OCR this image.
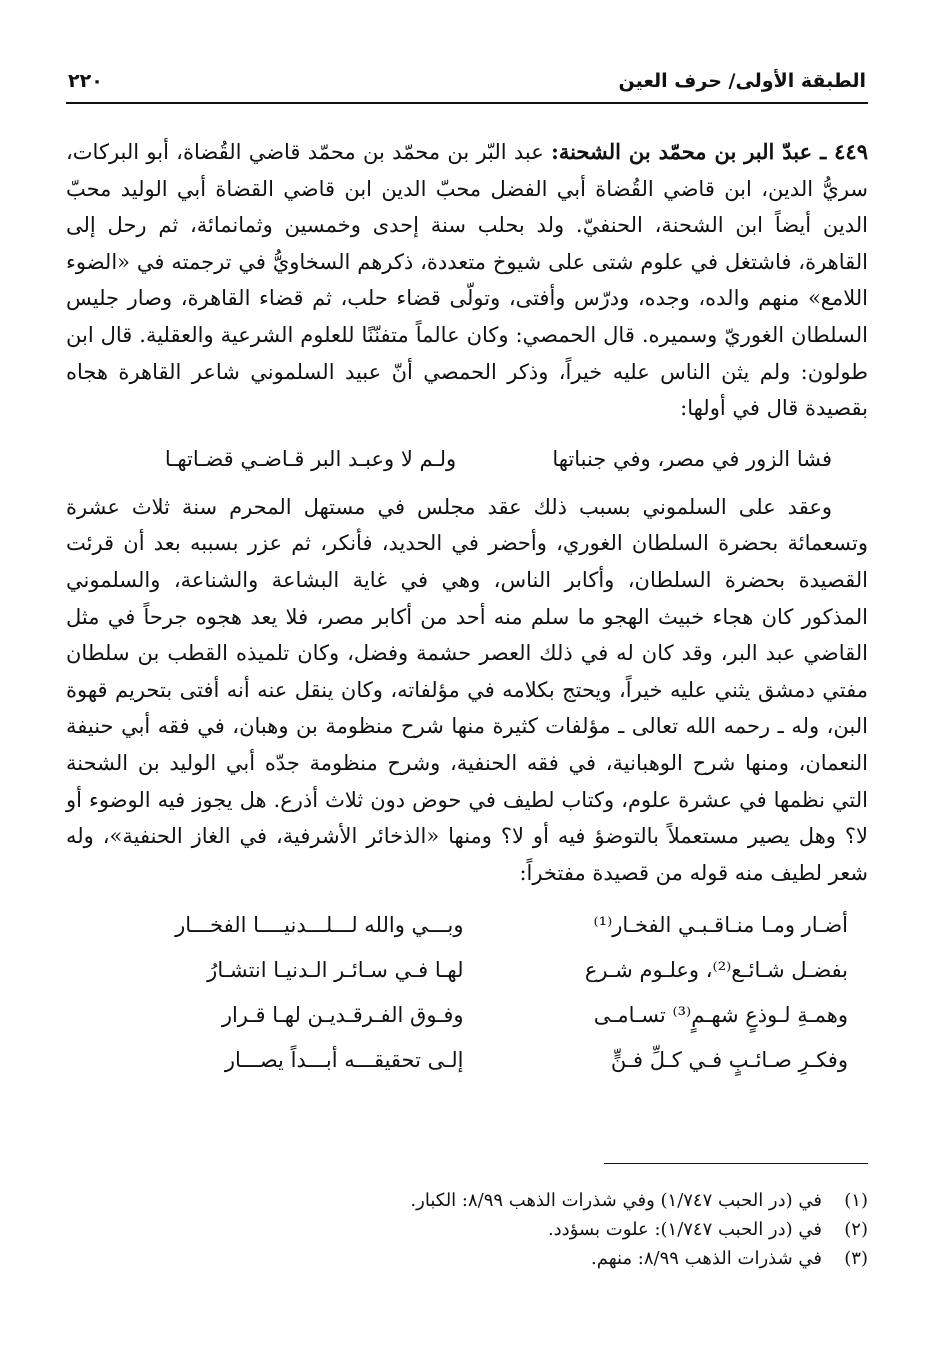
الطبقة الأولى/ حرف العين
٢٢٠

٤٤٩ ـ عبدّ البر بن محمّد بن الشحنة: عبد البّر بن محمّد بن محمّد قاضي القُضاة، أبو البركات، سريُّ الدين، ابن قاضي القُضاة أبي الفضل محبّ الدين ابن قاضي القضاة أبي الوليد محبّ الدين أيضاً ابن الشحنة، الحنفيّ. ولد بحلب سنة إحدى وخمسين وثمانمائة، ثم رحل إلى القاهرة، فاشتغل في علوم شتى على شيوخ متعددة، ذكرهم السخاويُّ في ترجمته في «الضوء اللامع» منهم والده، وجده، ودرّس وأفتى، وتولّى قضاء حلب، ثم قضاء القاهرة، وصار جليس السلطان الغوريّ وسميره. قال الحمصي: وكان عالماً متفنّنًا للعلوم الشرعية والعقلية. قال ابن طولون: ولم يثن الناس عليه خيراً، وذكر الحمصي أنّ عبيد السلموني شاعر القاهرة هجاه بقصيدة قال في أولها:

فشا الزور في مصر، وفي جنباتها
ولـم لا وعبـد البر قـاضـي قضـاتهـا

وعقد على السلموني بسبب ذلك عقد مجلس في مستهل المحرم سنة ثلاث عشرة وتسعمائة بحضرة السلطان الغوري، وأحضر في الحديد، فأنكر، ثم عزر بسببه بعد أن قرئت القصيدة بحضرة السلطان، وأكابر الناس، وهي في غاية البشاعة والشناعة، والسلموني المذكور كان هجاء خبيث الهجو ما سلم منه أحد من أكابر مصر، فلا يعد هجوه جرحاً في مثل القاضي عبد البر، وقد كان له في ذلك العصر حشمة وفضل، وكان تلميذه القطب بن سلطان مفتي دمشق يثني عليه خيراً، ويحتج بكلامه في مؤلفاته، وكان ينقل عنه أنه أفتى بتحريم قهوة البن، وله ـ رحمه الله تعالى ـ مؤلفات كثيرة منها شرح منظومة بن وهبان، في فقه أبي حنيفة النعمان، ومنها شرح الوهبانية، في فقه الحنفية، وشرح منظومة جدّه أبي الوليد بن الشحنة التي نظمها في عشرة علوم، وكتاب لطيف في حوض دون ثلاث أذرع. هل يجوز فيه الوضوء أو لا؟ وهل يصير مستعملاً بالتوضؤ فيه أو لا؟ ومنها «الذخائر الأشرفية، في الغاز الحنفية»، وله شعر لطيف منه قوله من قصيدة مفتخراً:

أضـار ومـا منـاقـبـي الفخـار⁽¹⁾
وبـــي والله لـــلـــدنيــــا الفخـــار
بفضـل شـائـع⁽²⁾، وعلـوم شـرع
لهـا فـي سـائـر الـدنيـا انتشـارُ
وهمـةِ لـوذعٍ شهـمٍ⁽³⁾ تسـامـى
وفـوق الفـرقـديـن لهـا قـرار
وفكـرِ صـائـبٍ فـي كـلِّ فـنٍّ
إلـى تحقيقـــه أبـــداً يصـــار
(١)
في (در الحبب ١/٧٤٧) وفي شذرات الذهب ٨/٩٩: الكبار.
(٢)
في (در الحبب ١/٧٤٧): علوت بسؤدد.
(٣)
في شذرات الذهب ٨/٩٩: منهم.
